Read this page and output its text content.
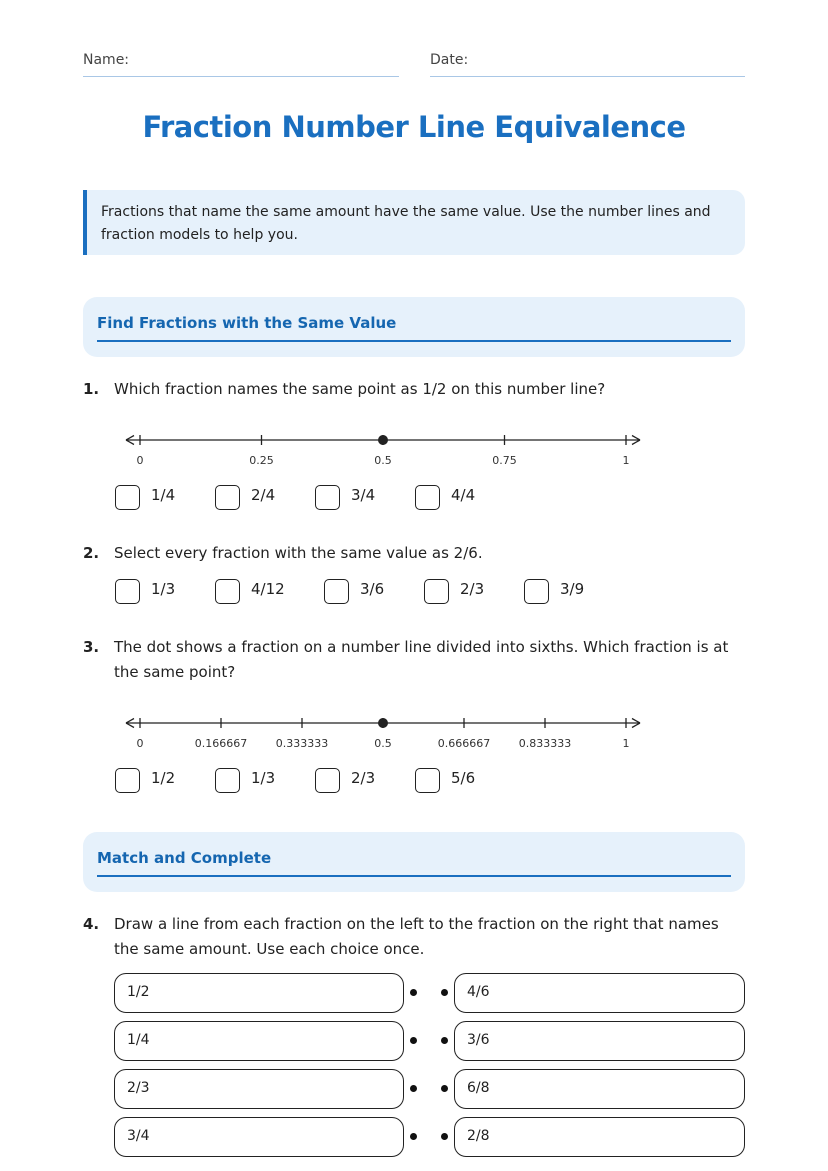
Name:	Date:
Fraction Number Line Equivalence
Fractions that name the same amount have the same value. Use the number lines and fraction models to help you.
Find Fractions with the Same Value
1. Which fraction names the same point as 1/2 on this number line?
0	0.25	0.5	0.75	1
1/4	2/4	3/4	4/4
2. Select every fraction with the same value as 2/6.
1/3	4/12	3/6	2/3	3/9
3. The dot shows a fraction on a number line divided into sixths. Which fraction is at the same point?
0	0.166667	0.333333	0.5	0.666667	0.833333	1
1/2	1/3	2/3	5/6
Match and Complete
4. Draw a line from each fraction on the left to the fraction on the right that names the same amount. Use each choice once.
1/2	4/6
1/4	3/6
2/3	6/8
3/4	2/8
